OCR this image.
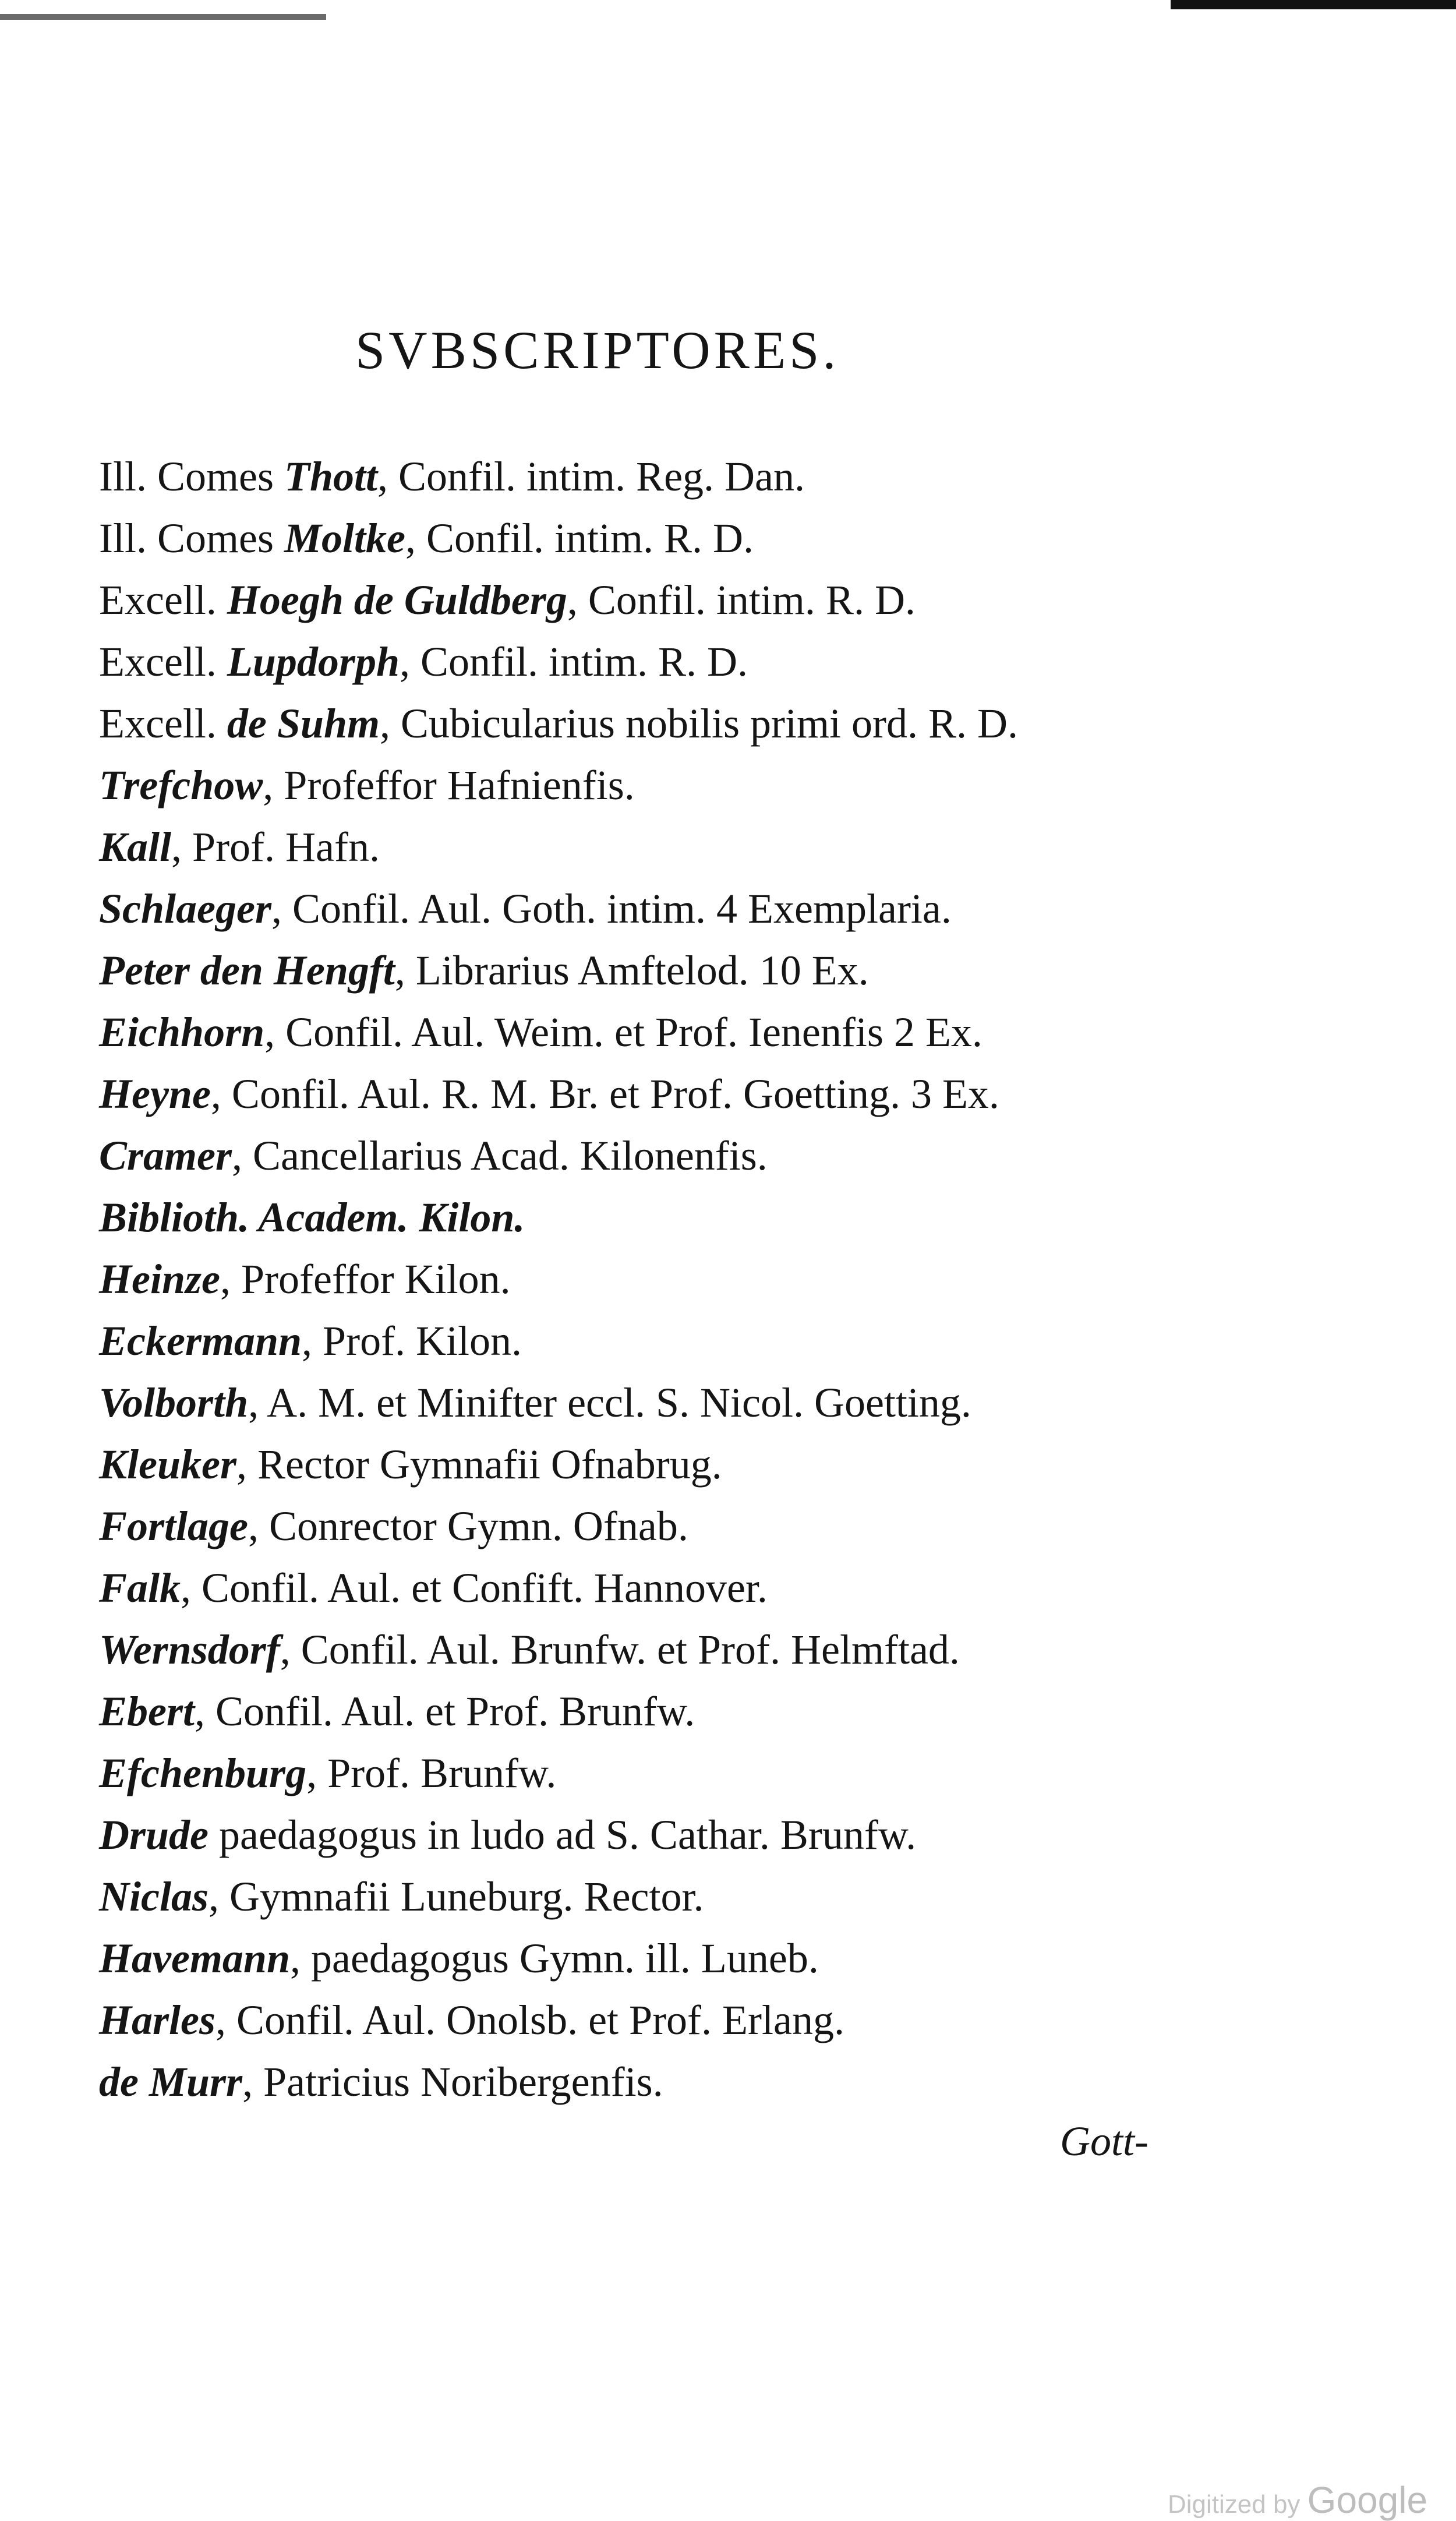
SVBSCRIPTORES.
Ill. Comes Thott, Confil. intim. Reg. Dan.
Ill. Comes Moltke, Confil. intim. R. D.
Excell. Hoegh de Guldberg, Confil. intim. R. D.
Excell. Lupdorph, Confil. intim. R. D.
Excell. de Suhm, Cubicularius nobilis primi ord. R. D.
Trefchow, Profeffor Hafnienfis.
Kall, Prof. Hafn.
Schlaeger, Confil. Aul. Goth. intim. 4 Exemplaria.
Peter den Hengft, Librarius Amftelod. 10 Ex.
Eichhorn, Confil. Aul. Weim. et Prof. Ienenfis 2 Ex.
Heyne, Confil. Aul. R. M. Br. et Prof. Goetting. 3 Ex.
Cramer, Cancellarius Acad. Kilonenfis.
Biblioth. Academ. Kilon.
Heinze, Profeffor Kilon.
Eckermann, Prof. Kilon.
Volborth, A. M. et Minifter eccl. S. Nicol. Goetting.
Kleuker, Rector Gymnafii Ofnabrug.
Fortlage, Conrector Gymn. Ofnab.
Falk, Confil. Aul. et Confift. Hannover.
Wernsdorf, Confil. Aul. Brunfw. et Prof. Helmftad.
Ebert, Confil. Aul. et Prof. Brunfw.
Efchenburg, Prof. Brunfw.
Drude paedagogus in ludo ad S. Cathar. Brunfw.
Niclas, Gymnafii Luneburg. Rector.
Havemann, paedagogus Gymn. ill. Luneb.
Harles, Confil. Aul. Onolsb. et Prof. Erlang.
de Murr, Patricius Noribergenfis.
Gott-
Digitized by Google
